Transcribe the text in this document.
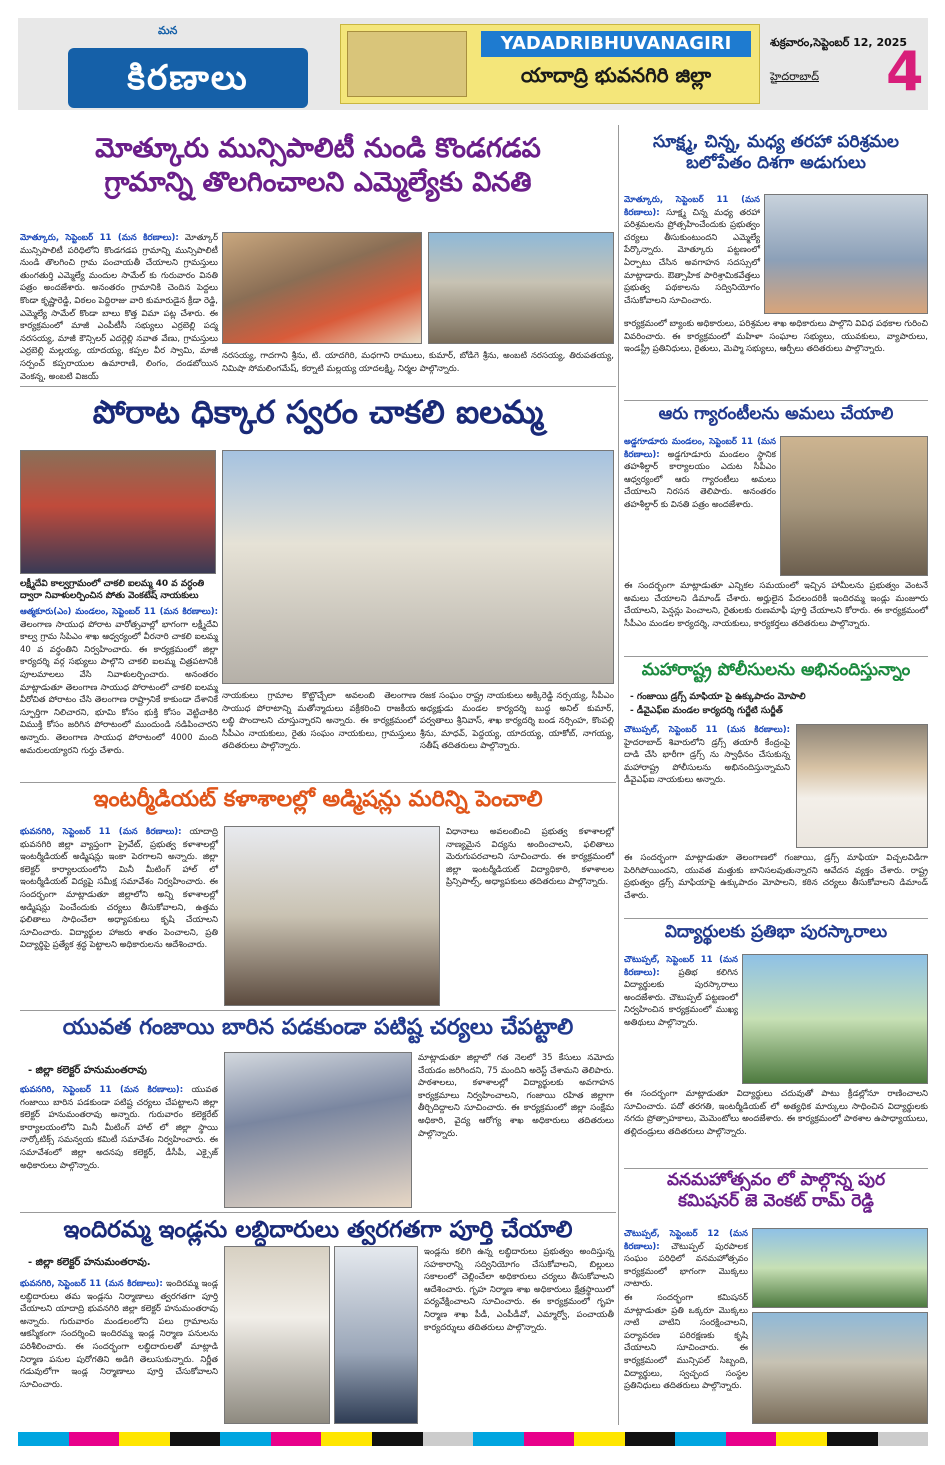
మన
కిరణాలు
YADADRIBHUVANAGIRI
యాదాద్రి భువనగిరి జిల్లా
శుక్రవారం,సెప్టెంబర్ 12, 2025
హైదరాబాద్ 4
మోత్కూరు మున్సిపాలిటీ నుండి కొండగడప
గ్రామాన్ని తొలగించాలని ఎమ్మెల్యేకు వినతి
మోత్కూరు, సెప్టెంబర్ 11 (మన కిరణాలు): మోత్కూర్ మున్సిపాలిటీ పరిధిలోని కొండగడప గ్రామాన్ని మున్సిపాలిటీ నుండి తొలగించి గ్రామ పంచాయతీ చేయాలని గ్రామస్తులు తుంగతుర్తి ఎమ్మెల్యే మందుల సామేల్ కు గురువారం వినతి పత్రం అందజేశారు. అనంతరం గ్రామానికి చెందిన పెద్దలు కొండా కృష్ణారెడ్డి, విఠలం పెద్దిరాజు వారి కుమారుడైన క్రీడా రెడ్డి, ఎమ్మెల్యే సామేల్ కొండా బాలు కొత్త విమా పట్ల చేశారు. ఈ కార్యక్రమంలో మాజీ ఎంపీటీసీ సభ్యులు ఎర్రబెల్లి పద్మ నరసయ్య, మాజీ కౌన్సిలర్ ఎదర్గెల్లి నవాత వేణు, గ్రామస్తులు ఎర్రబెల్లి మల్లయ్య, యాదయ్య, కప్పల వీర స్వామి, మాజీ సర్పంచ్ కప్పరాయుల ఉమారాణి, లింగం, దండబోయిన వెంకన్న, అంబటి విజయ్
నరసయ్య, గాదగాని శ్రీను, టి. యాదగిరి, మధగాని రాములు, కుమార్, బోడిగె శ్రీను, అంబటి నరసయ్య, తిరుపతయ్య, నిమిషా సోమలింగమేష్, కర్నాటి మల్లయ్య యాదలక్ష్మి, నిర్మల పాల్గొన్నారు.
పోరాట ధిక్కార స్వరం చాకలి ఐలమ్మ
లక్ష్మీదేవి కాల్వగ్రామంలో చాకలి ఐలమ్మ 40 వ వర్ధంతి ద్వారా నివాళులర్పించిన పోతు వెంకటేష్ నాయకులు
ఆత్మకూరు(ఎం) మండలం, సెప్టెంబర్ 11 (మన కిరణాలు): తెలంగాణ సాయుధ పోరాట వారోత్సవాల్లో భాగంగా లక్ష్మీదేవి కాల్వ గ్రామ సిపిఎం శాఖ ఆధ్వర్యంలో వీరనారి చాకలి ఐలమ్మ 40 వ వర్ధంతిని నిర్వహించారు. ఈ కార్యక్రమంలో జిల్లా కార్యదర్శి వర్గ సభ్యులు పాల్గొని చాకలి ఐలమ్మ చిత్రపటానికి పూలమాలలు వేసి నివాళులర్పించారు. అనంతరం మాట్లాడుతూ తెలంగాణ సాయుధ పోరాటంలో చాకలి ఐలమ్మ వీరోచిత పోరాటం చేసి తెలంగాణ రాష్ట్రానికే కాకుండా దేశానికే స్ఫూర్తిగా నిలిచారని, భూమి కోసం భుక్తి కోసం వెట్టిచాకిరి విముక్తి కోసం జరిగిన పోరాటంలో ముందుండి నడిపించారని అన్నారు. తెలంగాణ సాయుధ పోరాటంలో 4000 మంది అమరులయ్యారని గుర్తు చేశారు.
నాయకులు గ్రామాల కొట్టొచ్చేలా అవలంబి తెలంగాణ సాయుధ పోరాటాన్ని మతోన్మాదులు వక్రీకరించి రాజకీయ లబ్ధి పొందాలని చూస్తున్నారని అన్నారు. ఈ కార్యక్రమంలో సీపీఎం నాయకులు, రైతు సంఘం నాయకులు, గ్రామస్తులు తదితరులు పాల్గొన్నారు.
రజక సంఘం రాష్ట్ర నాయకులు అక్కిరెడ్డి నర్సయ్య, సీపీఎం అధ్యక్షుడు మండల కార్యదర్శి బుద్ధ అనిల్ కుమార్, పర్వతాలు శ్రీనివాస్, శాఖ కార్యదర్శి బండ నర్సింహ, కొంపల్లి శ్రీను, మాధవ్, పెద్దయ్య, యాదయ్య, యాకోబ్, నాగయ్య, సతీష్ తదితరులు పాల్గొన్నారు.
ఇంటర్మీడియట్ కళాశాలల్లో అడ్మిషన్లు మరిన్ని పెంచాలి
భువనగిరి, సెప్టెంబర్ 11 (మన కిరణాలు): యాదాద్రి భువనగిరి జిల్లా వ్యాప్తంగా ప్రైవేట్, ప్రభుత్వ కళాశాలల్లో ఇంటర్మీడియట్ అడ్మిషన్లు ఇంకా పెరగాలని అన్నారు. జిల్లా కలెక్టర్ కార్యాలయంలోని మినీ మీటింగ్ హాల్ లో ఇంటర్మీడియట్ విద్యపై సమీక్ష సమావేశం నిర్వహించారు. ఈ సందర్భంగా మాట్లాడుతూ జిల్లాలోని అన్ని కళాశాలల్లో అడ్మిషన్లు పెంచేందుకు చర్యలు తీసుకోవాలని, ఉత్తమ ఫలితాలు సాధించేలా అధ్యాపకులు కృషి చేయాలని సూచించారు. విద్యార్థుల హాజరు శాతం పెంచాలని, ప్రతి విద్యార్థిపై ప్రత్యేక శ్రద్ధ పెట్టాలని అధికారులను ఆదేశించారు.
విధానాలు అవలంబించి ప్రభుత్వ కళాశాలల్లో నాణ్యమైన విద్యను అందించాలని, ఫలితాలు మెరుగుపరచాలని సూచించారు. ఈ కార్యక్రమంలో జిల్లా ఇంటర్మీడియట్ విద్యాధికారి, కళాశాలల ప్రిన్సిపాల్స్, అధ్యాపకులు తదితరులు పాల్గొన్నారు.
యువత గంజాయి బారిన పడకుండా పటిష్ట చర్యలు చేపట్టాలి
- జిల్లా కలెక్టర్ హనుమంతరావు
భువనగిరి, సెప్టెంబర్ 11 (మన కిరణాలు): యువత గంజాయి బారిన పడకుండా పటిష్ట చర్యలు చేపట్టాలని జిల్లా కలెక్టర్ హనుమంతరావు అన్నారు. గురువారం కలెక్టరేట్ కార్యాలయంలోని మినీ మీటింగ్ హాల్ లో జిల్లా స్థాయి నార్కోటిక్స్ సమన్వయ కమిటీ సమావేశం నిర్వహించారు. ఈ సమావేశంలో జిల్లా అదనపు కలెక్టర్, డీసీపీ, ఎక్సైజ్ అధికారులు పాల్గొన్నారు.
మాట్లాడుతూ జిల్లాలో గత నెలలో 35 కేసులు నమోదు చేయడం జరిగిందని, 75 మందిని అరెస్ట్ చేశామని తెలిపారు. పాఠశాలలు, కళాశాలల్లో విద్యార్థులకు అవగాహన కార్యక్రమాలు నిర్వహించాలని, గంజాయి రహిత జిల్లాగా తీర్చిదిద్దాలని సూచించారు. ఈ కార్యక్రమంలో జిల్లా సంక్షేమ అధికారి, వైద్య ఆరోగ్య శాఖ అధికారులు తదితరులు పాల్గొన్నారు.
ఇందిరమ్మ ఇండ్లను లబ్ధిదారులు త్వరగతగా పూర్తి చేయాలి
- జిల్లా కలెక్టర్ హనుమంతరావు.
భువనగిరి, సెప్టెంబర్ 11 (మన కిరణాలు): ఇందిరమ్మ ఇండ్ల లబ్ధిదారులు తమ ఇండ్లను నిర్మాణాలు త్వరగతగా పూర్తి చేయాలని యాదాద్రి భువనగిరి జిల్లా కలెక్టర్ హనుమంతరావు అన్నారు. గురువారం మండలంలోని పలు గ్రామాలను ఆకస్మికంగా సందర్శించి ఇందిరమ్మ ఇండ్ల నిర్మాణ పనులను పరిశీలించారు. ఈ సందర్భంగా లబ్ధిదారులతో మాట్లాడి నిర్మాణ పనుల పురోగతిని అడిగి తెలుసుకున్నారు. నిర్ణీత గడువులోగా ఇండ్ల నిర్మాణాలు పూర్తి చేసుకోవాలని సూచించారు.
ఇండ్లను కలిగి ఉన్న లబ్ధిదారులు ప్రభుత్వం అందిస్తున్న సహకారాన్ని సద్వినియోగం చేసుకోవాలని, బిల్లులు సకాలంలో చెల్లించేలా అధికారులు చర్యలు తీసుకోవాలని ఆదేశించారు. గృహ నిర్మాణ శాఖ అధికారులు క్షేత్రస్థాయిలో పర్యవేక్షించాలని సూచించారు. ఈ కార్యక్రమంలో గృహ నిర్మాణ శాఖ పీడీ, ఎంపీడీవో, ఎమ్మార్వో, పంచాయతీ కార్యదర్శులు తదితరులు పాల్గొన్నారు.
సూక్ష్మ, చిన్న, మధ్య తరహా పరిశ్రమల
బలోపేతం దిశగా అడుగులు
మోత్కూరు, సెప్టెంబర్ 11 (మన కిరణాలు): సూక్ష్మ చిన్న మధ్య తరహా పరిశ్రమలను ప్రోత్సహించేందుకు ప్రభుత్వం చర్యలు తీసుకుంటుందని ఎమ్మెల్యే పేర్కొన్నారు. మోత్కూరు పట్టణంలో ఏర్పాటు చేసిన అవగాహన సదస్సులో మాట్లాడారు. ఔత్సాహిక పారిశ్రామికవేత్తలు ప్రభుత్వ పథకాలను సద్వినియోగం చేసుకోవాలని సూచించారు.
కార్యక్రమంలో బ్యాంకు అధికారులు, పరిశ్రమల శాఖ అధికారులు పాల్గొని వివిధ పథకాల గురించి వివరించారు. ఈ కార్యక్రమంలో మహిళా సంఘాల సభ్యులు, యువకులు, వ్యాపారులు, ఇండస్ట్రీ ప్రతినిధులు, రైతులు, మెప్మా సభ్యులు, ఆర్పీలు తదితరులు పాల్గొన్నారు.
ఆరు గ్యారంటీలను అమలు చేయాలి
అడ్డగూడూరు మండలం, సెప్టెంబర్ 11 (మన కిరణాలు): అడ్డగూడూరు మండలం స్థానిక తహశీల్దార్ కార్యాలయం ఎదుట సీపీఎం ఆధ్వర్యంలో ఆరు గ్యారంటీలు అమలు చేయాలని నిరసన తెలిపారు. అనంతరం తహశీల్దార్ కు వినతి పత్రం అందజేశారు.
ఈ సందర్భంగా మాట్లాడుతూ ఎన్నికల సమయంలో ఇచ్చిన హామీలను ప్రభుత్వం వెంటనే అమలు చేయాలని డిమాండ్ చేశారు. అర్హులైన పేదలందరికీ ఇందిరమ్మ ఇండ్లు మంజూరు చేయాలని, పెన్షన్లు పెంచాలని, రైతులకు రుణమాఫీ పూర్తి చేయాలని కోరారు. ఈ కార్యక్రమంలో సీపీఎం మండల కార్యదర్శి, నాయకులు, కార్యకర్తలు తదితరులు పాల్గొన్నారు.
మహారాష్ట్ర పోలీసులను అభినందిస్తున్నాం
- గంజాయి డ్రగ్స్ మాఫియా పై ఉక్కుపాదం మోపాలి
- డీవైఎఫ్ఐ మండల కార్యదర్శి గుర్జేటి సుర్జీత్
చౌటుప్పల్, సెప్టెంబర్ 11 (మన కిరణాలు): హైదరాబాద్ శివారులోని డ్రగ్స్ తయారీ కేంద్రంపై దాడి చేసి భారీగా డ్రగ్స్ ను స్వాధీనం చేసుకున్న మహారాష్ట్ర పోలీసులను అభినందిస్తున్నామని డీవైఎఫ్ఐ నాయకులు అన్నారు.
ఈ సందర్భంగా మాట్లాడుతూ తెలంగాణలో గంజాయి, డ్రగ్స్ మాఫియా విచ్చలవిడిగా పెరిగిపోయిందని, యువత మత్తుకు బానిసలవుతున్నారని ఆవేదన వ్యక్తం చేశారు. రాష్ట్ర ప్రభుత్వం డ్రగ్స్ మాఫియాపై ఉక్కుపాదం మోపాలని, కఠిన చర్యలు తీసుకోవాలని డిమాండ్ చేశారు.
విద్యార్థులకు ప్రతిభా పురస్కారాలు
చౌటుప్పల్, సెప్టెంబర్ 11 (మన కిరణాలు): ప్రతిభ కలిగిన విద్యార్థులకు పురస్కారాలు అందజేశారు. చౌటుప్పల్ పట్టణంలో నిర్వహించిన కార్యక్రమంలో ముఖ్య అతిథులు పాల్గొన్నారు.
ఈ సందర్భంగా మాట్లాడుతూ విద్యార్థులు చదువుతో పాటు క్రీడల్లోనూ రాణించాలని సూచించారు. పదో తరగతి, ఇంటర్మీడియట్ లో అత్యధిక మార్కులు సాధించిన విద్యార్థులకు నగదు ప్రోత్సాహకాలు, మెమెంటోలు అందజేశారు. ఈ కార్యక్రమంలో పాఠశాల ఉపాధ్యాయులు, తల్లిదండ్రులు తదితరులు పాల్గొన్నారు.
వనమహోత్సవం లో పాల్గొన్న పుర
కమిషనర్ జె వెంకట్ రామ్ రెడ్డి
చౌటుప్పల్, సెప్టెంబర్ 12 (మన కిరణాలు): చౌటుప్పల్ పురపాలక సంఘం పరిధిలో వనమహోత్సవం కార్యక్రమంలో భాగంగా మొక్కలు నాటారు.
ఈ సందర్భంగా కమిషనర్ మాట్లాడుతూ ప్రతి ఒక్కరూ మొక్కలు నాటి వాటిని సంరక్షించాలని, పర్యావరణ పరిరక్షణకు కృషి చేయాలని సూచించారు. ఈ కార్యక్రమంలో మున్సిపల్ సిబ్బంది, విద్యార్థులు, స్వచ్ఛంద సంస్థల ప్రతినిధులు తదితరులు పాల్గొన్నారు.
